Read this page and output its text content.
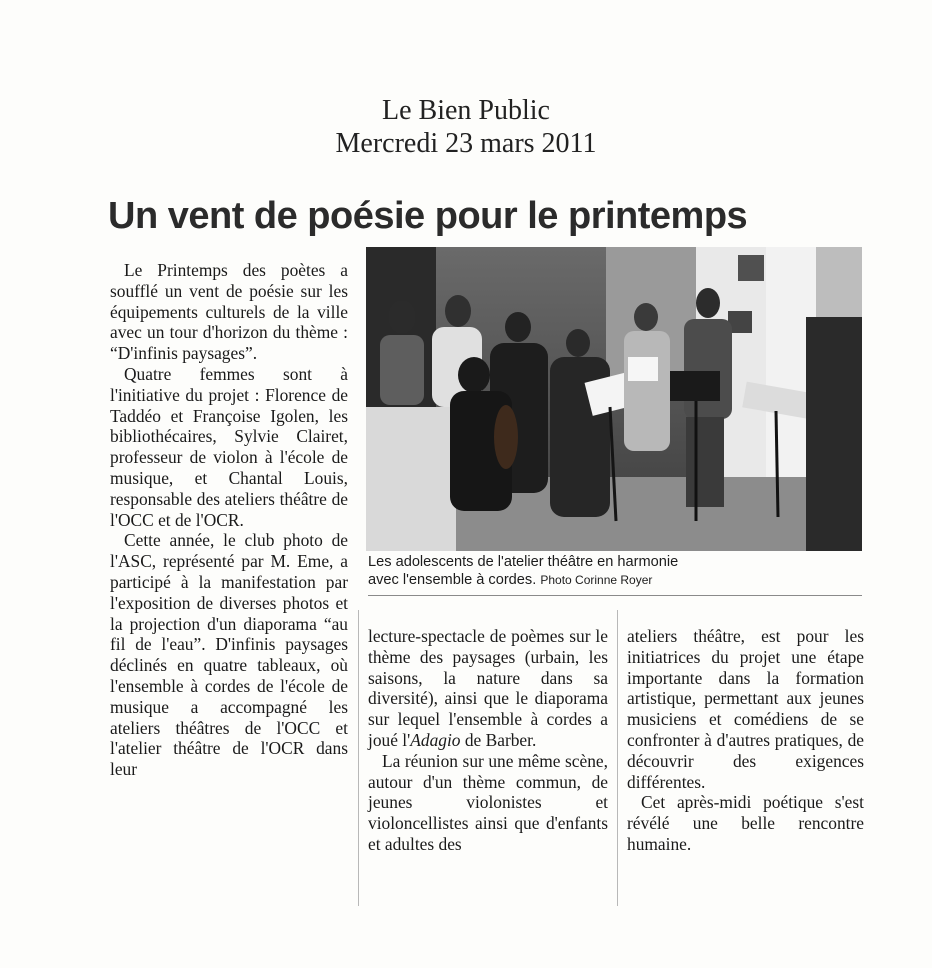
Le Bien Public
Mercredi 23 mars 2011
Un vent de poésie pour le printemps

Le Printemps des poètes a soufflé un vent de poésie sur les équipements culturels de la ville avec un tour d'horizon du thème : “D'infinis paysages”.

Quatre femmes sont à l'initiative du projet : Florence de Taddéo et Françoise Igolen, les bibliothécaires, Sylvie Clairet, professeur de violon à l'école de musique, et Chantal Louis, responsable des ateliers théâtre de l'OCC et de l'OCR.

Cette année, le club photo de l'ASC, représenté par M. Eme, a participé à la manifestation par l'exposition de diverses photos et la projection d'un diaporama “au fil de l'eau”. D'infinis paysages déclinés en quatre tableaux, où l'ensemble à cordes de l'école de musique a accompagné les ateliers théâtres de l'OCC et l'atelier théâtre de l'OCR dans leur

Les adolescents de l'atelier théâtre en harmonie
avec l'ensemble à cordes. Photo Corinne Royer

lecture-spectacle de poèmes sur le thème des paysages (urbain, les saisons, la nature dans sa diversité), ainsi que le diaporama sur lequel l'ensemble à cordes a joué l'Adagio de Barber.

La réunion sur une même scène, autour d'un thème commun, de jeunes violonistes et violoncellistes ainsi que d'enfants et adultes des

ateliers théâtre, est pour les initiatrices du projet une étape importante dans la formation artistique, permettant aux jeunes musiciens et comédiens de se confronter à d'autres pratiques, de découvrir des exigences différentes.

Cet après-midi poétique s'est révélé une belle rencontre humaine.
